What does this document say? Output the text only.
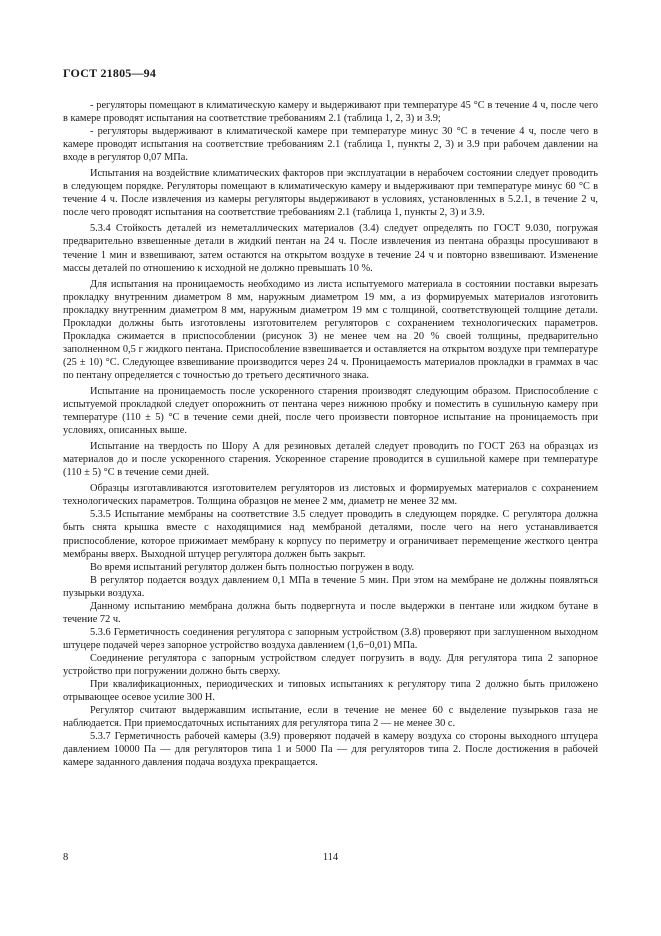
ГОСТ 21805—94

- регуляторы помещают в климатическую камеру и выдерживают при температуре 45 °С в течение 4 ч, после чего в камере проводят испытания на соответствие требованиям 2.1 (таблица 1, 2, 3) и 3.9;

- регуляторы выдерживают в климатической камере при температуре минус 30 °С в течение 4 ч, после чего в камере проводят испытания на соответствие требованиям 2.1 (таблица 1, пункты 2, 3) и 3.9 при рабочем давлении на входе в регулятор 0,07 МПа.

Испытания на воздействие климатических факторов при эксплуатации в нерабочем состоянии следует проводить в следующем порядке. Регуляторы помещают в климатическую камеру и выдерживают при температуре минус 60 °С в течение 4 ч. После извлечения из камеры регуляторы выдерживают в условиях, установленных в 5.2.1, в течение 2 ч, после чего проводят испытания на соответствие требованиям 2.1 (таблица 1, пункты 2, 3) и 3.9.

5.3.4 Стойкость деталей из неметаллических материалов (3.4) следует определять по ГОСТ 9.030, погружая предварительно взвешенные детали в жидкий пентан на 24 ч. После извлечения из пентана образцы просушивают в течение 1 мин и взвешивают, затем остаются на открытом воздухе в течение 24 ч и повторно взвешивают. Изменение массы деталей по отношению к исходной не должно превышать 10 %.

Для испытания на проницаемость необходимо из листа испытуемого материала в состоянии поставки вырезать прокладку внутренним диаметром 8 мм, наружным диаметром 19 мм, а из формируемых материалов изготовить прокладку внутренним диаметром 8 мм, наружным диаметром 19 мм с толщиной, соответствующей толщине детали. Прокладки должны быть изготовлены изготовителем регуляторов с сохранением технологических параметров. Прокладка сжимается в приспособлении (рисунок 3) не менее чем на 20 % своей толщины, предварительно заполненном 0,5 г жидкого пентана. Приспособление взвешивается и оставляется на открытом воздухе при температуре (25 ± 10) °С. Следующее взвешивание производится через 24 ч. Проницаемость материалов прокладки в граммах в час по пентану определяется с точностью до третьего десятичного знака.

Испытание на проницаемость после ускоренного старения производят следующим образом. Приспособление с испытуемой прокладкой следует опорожнить от пентана через нижнюю пробку и поместить в сушильную камеру при температуре (110 ± 5) °С в течение семи дней, после чего произвести повторное испытание на проницаемость при условиях, описанных выше.

Испытание на твердость по Шору А для резиновых деталей следует проводить по ГОСТ 263 на образцах из материалов до и после ускоренного старения. Ускоренное старение проводится в сушильной камере при температуре (110 ± 5) °С в течение семи дней.

Образцы изготавливаются изготовителем регуляторов из листовых и формируемых материалов с сохранением технологических параметров. Толщина образцов не менее 2 мм, диаметр не менее 32 мм.

5.3.5 Испытание мембраны на соответствие 3.5 следует проводить в следующем порядке. С регулятора должна быть снята крышка вместе с находящимися над мембраной деталями, после чего на него устанавливается приспособление, которое прижимает мембрану к корпусу по периметру и ограничивает перемещение жесткого центра мембраны вверх. Выходной штуцер регулятора должен быть закрыт.

Во время испытаний регулятор должен быть полностью погружен в воду.

В регулятор подается воздух давлением 0,1 МПа в течение 5 мин. При этом на мембране не должны появляться пузырьки воздуха.

Данному испытанию мембрана должна быть подвергнута и после выдержки в пентане или жидком бутане в течение 72 ч.

5.3.6 Герметичность соединения регулятора с запорным устройством (3.8) проверяют при заглушенном выходном штуцере подачей через запорное устройство воздуха давлением (1,6−0,01) МПа.

Соединение регулятора с запорным устройством следует погрузить в воду. Для регулятора типа 2 запорное устройство при погружении должно быть сверху.

При квалификационных, периодических и типовых испытаниях к регулятору типа 2 должно быть приложено отрывающее осевое усилие 300 Н.

Регулятор считают выдержавшим испытание, если в течение не менее 60 с выделение пузырьков газа не наблюдается. При приемосдаточных испытаниях для регулятора типа 2 — не менее 30 с.

5.3.7 Герметичность рабочей камеры (3.9) проверяют подачей в камеру воздуха со стороны выходного штуцера давлением 10000 Па — для регуляторов типа 1 и 5000 Па — для регуляторов типа 2. После достижения в рабочей камере заданного давления подача воздуха прекращается.

8	114
